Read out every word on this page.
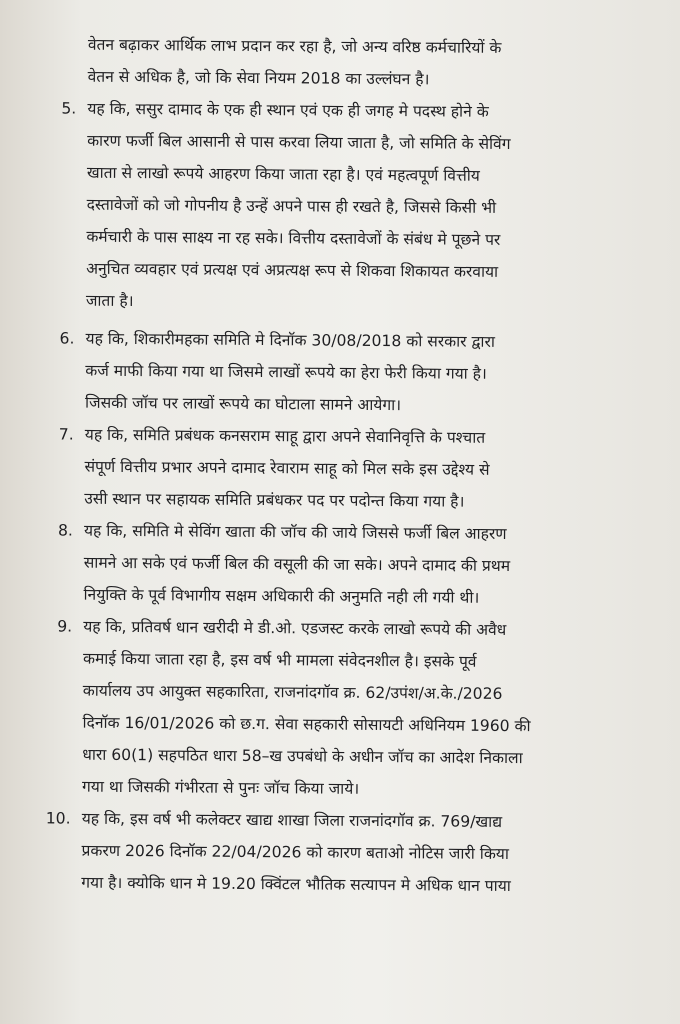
वेतन बढ़ाकर आर्थिक लाभ प्रदान कर रहा है, जो अन्य वरिष्ठ कर्मचारियों के
वेतन से अधिक है, जो कि सेवा नियम 2018 का उल्लंघन है।
5. यह कि, ससुर दामाद के एक ही स्थान एवं एक ही जगह मे पदस्थ होने के
कारण फर्जी बिल आसानी से पास करवा लिया जाता है, जो समिति के सेविंग
खाता से लाखो रूपये आहरण किया जाता रहा है। एवं महत्वपूर्ण वित्तीय
दस्तावेजों को जो गोपनीय है उन्हें अपने पास ही रखते है, जिससे किसी भी
कर्मचारी के पास साक्ष्य ना रह सके। वित्तीय दस्तावेजों के संबंध मे पूछने पर
अनुचित व्यवहार एवं प्रत्यक्ष एवं अप्रत्यक्ष रूप से शिकवा शिकायत करवाया
जाता है।
6. यह कि, शिकारीमहका समिति मे दिनॉक 30/08/2018 को सरकार द्वारा
कर्ज माफी किया गया था जिसमे लाखों रूपये का हेरा फेरी किया गया है।
जिसकी जॉच पर लाखों रूपये का घोटाला सामने आयेगा।
7. यह कि, समिति प्रबंधक कनसराम साहू द्वारा अपने सेवानिवृत्ति के पश्चात
संपूर्ण वित्तीय प्रभार अपने दामाद रेवाराम साहू को मिल सके इस उद्देश्य से
उसी स्थान पर सहायक समिति प्रबंधकर पद पर पदोन्त किया गया है।
8. यह कि, समिति मे सेविंग खाता की जॉच की जाये जिससे फर्जी बिल आहरण
सामने आ सके एवं फर्जी बिल की वसूली की जा सके। अपने दामाद की प्रथम
नियुक्ति के पूर्व विभागीय सक्षम अधिकारी की अनुमति नही ली गयी थी।
9. यह कि, प्रतिवर्ष धान खरीदी मे डी.ओ. एडजस्ट करके लाखो रूपये की अवैध
कमाई किया जाता रहा है, इस वर्ष भी मामला संवेदनशील है। इसके पूर्व
कार्यालय उप आयुक्त सहकारिता, राजनांदगॉव क्र. 62/उपंश/अ.के./2026
दिनॉक 16/01/2026 को छ.ग. सेवा सहकारी सोसायटी अधिनियम 1960 की
धारा 60(1) सहपठित धारा 58–ख उपबंधो के अधीन जॉच का आदेश निकाला
गया था जिसकी गंभीरता से पुनः जॉच किया जाये।
10. यह कि, इस वर्ष भी कलेक्टर खाद्य शाखा जिला राजनांदगॉव क्र. 769/खाद्य
प्रकरण 2026 दिनॉक 22/04/2026 को कारण बताओ नोटिस जारी किया
गया है। क्योकि धान मे 19.20 क्विंटल भौतिक सत्यापन मे अधिक धान पाया
